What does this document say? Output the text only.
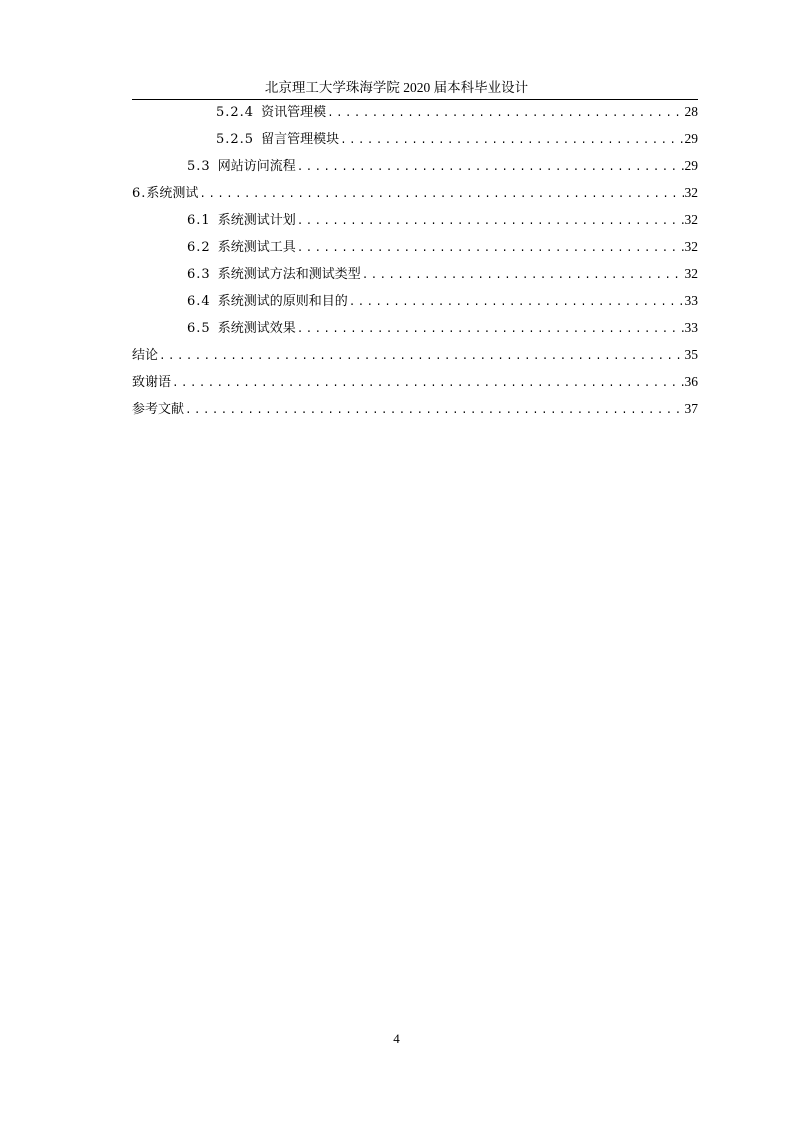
北京理工大学珠海学院 2020 届本科毕业设计
5.2.4 资讯管理模 .....	28
5.2.5 留言管理模块 .....	29
5.3 网站访问流程 .....	29
6. 系统测试 .....	32
6.1 系统测试计划 .....	32
6.2 系统测试工具 .....	32
6.3 系统测试方法和测试类型 .....	32
6.4 系统测试的原则和目的 .....	33
6.5 系统测试效果 .....	33
结论 .....	35
致谢语 .....	36
参考文献 .....	37
4
